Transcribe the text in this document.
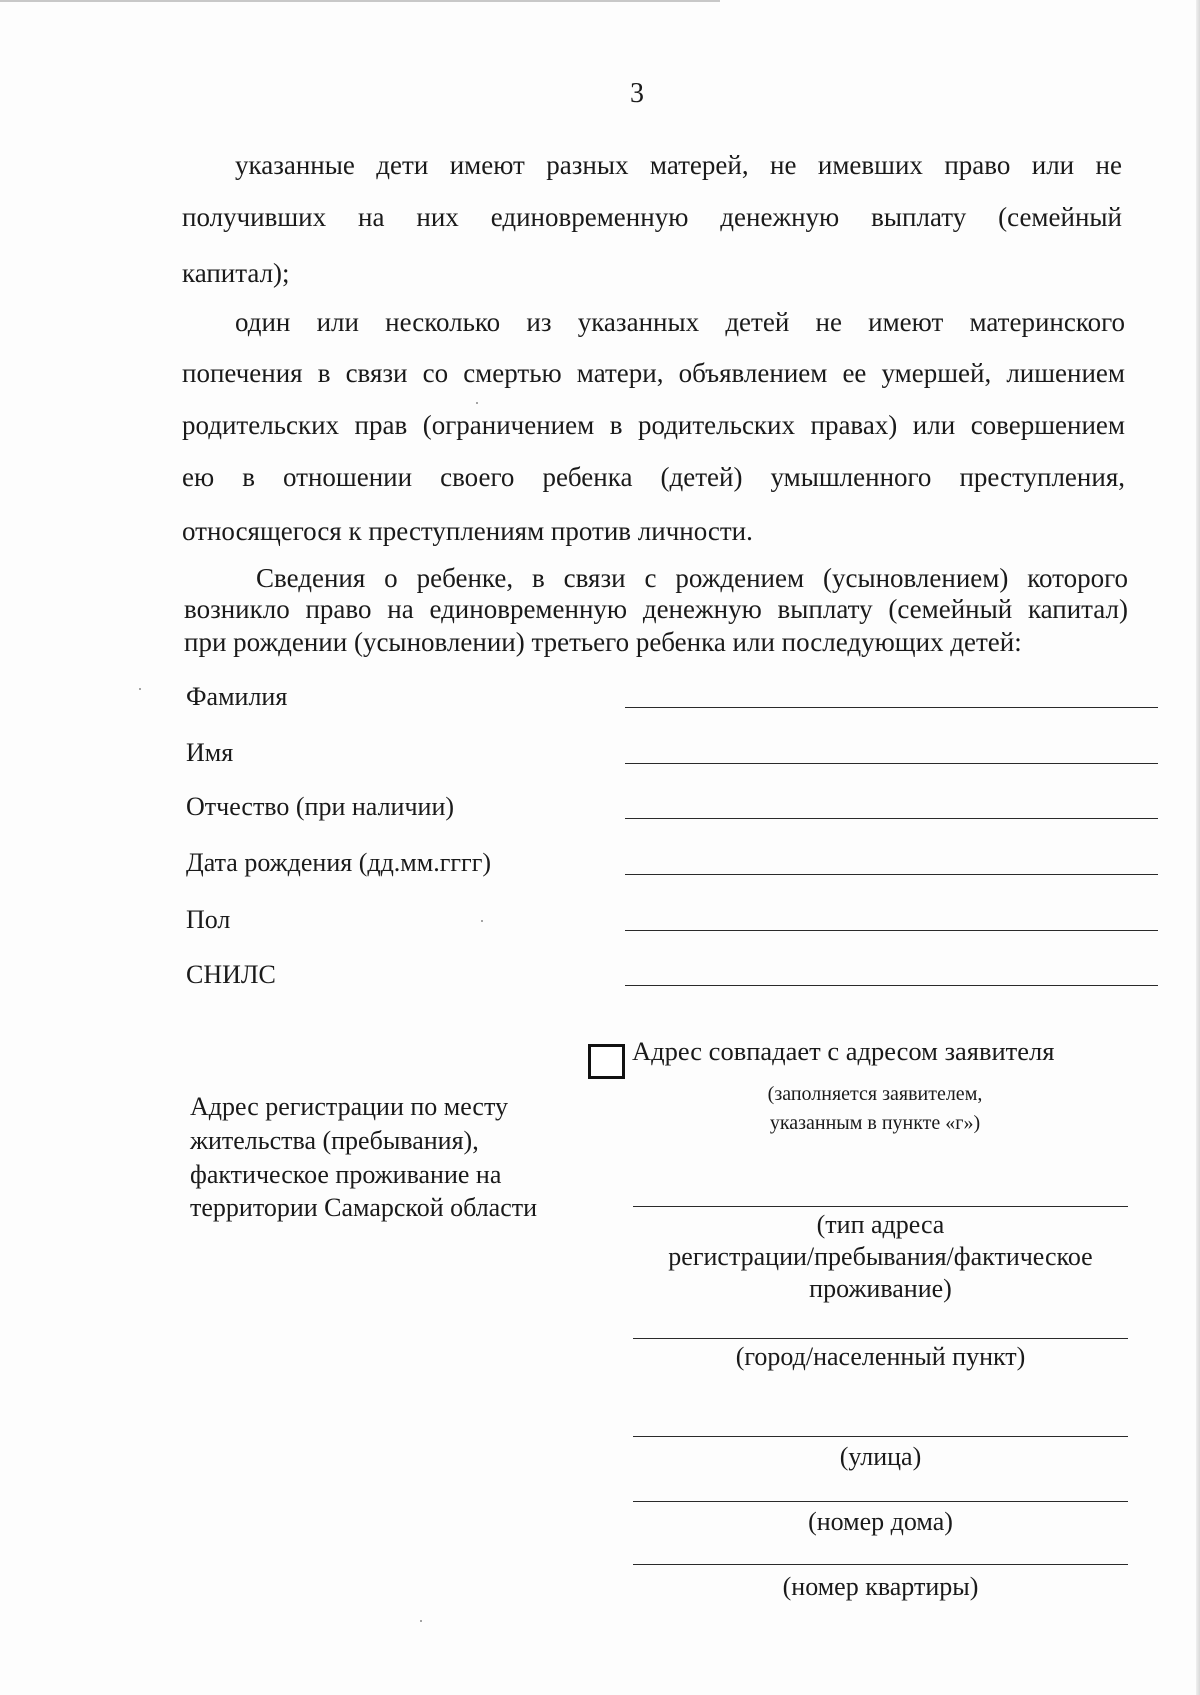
3
указанные дети имеют разных матерей, не имевших право или не
получивших на них единовременную денежную выплату (семейный
капитал);
один или несколько из указанных детей не имеют материнского
попечения в связи со смертью матери, объявлением ее умершей, лишением
родительских прав (ограничением в родительских правах) или совершением
ею в отношении своего ребенка (детей) умышленного преступления,
относящегося к преступлениям против личности.
Сведения о ребенке, в связи с рождением (усыновлением) которого
возникло право на единовременную денежную выплату (семейный капитал)
при рождении (усыновлении) третьего ребенка или последующих детей:
Фамилия
Имя
Отчество (при наличии)
Дата рождения (дд.мм.гггг)
Пол
СНИЛС
Адрес совпадает с адресом заявителя
(заполняется заявителем,
указанным в пункте «г»)
Адрес регистрации по месту
жительства (пребывания),
фактическое проживание на
территории Самарской области
(тип адреса
регистрации/пребывания/фактическое
проживание)
(город/населенный пункт)
(улица)
(номер дома)
(номер квартиры)
